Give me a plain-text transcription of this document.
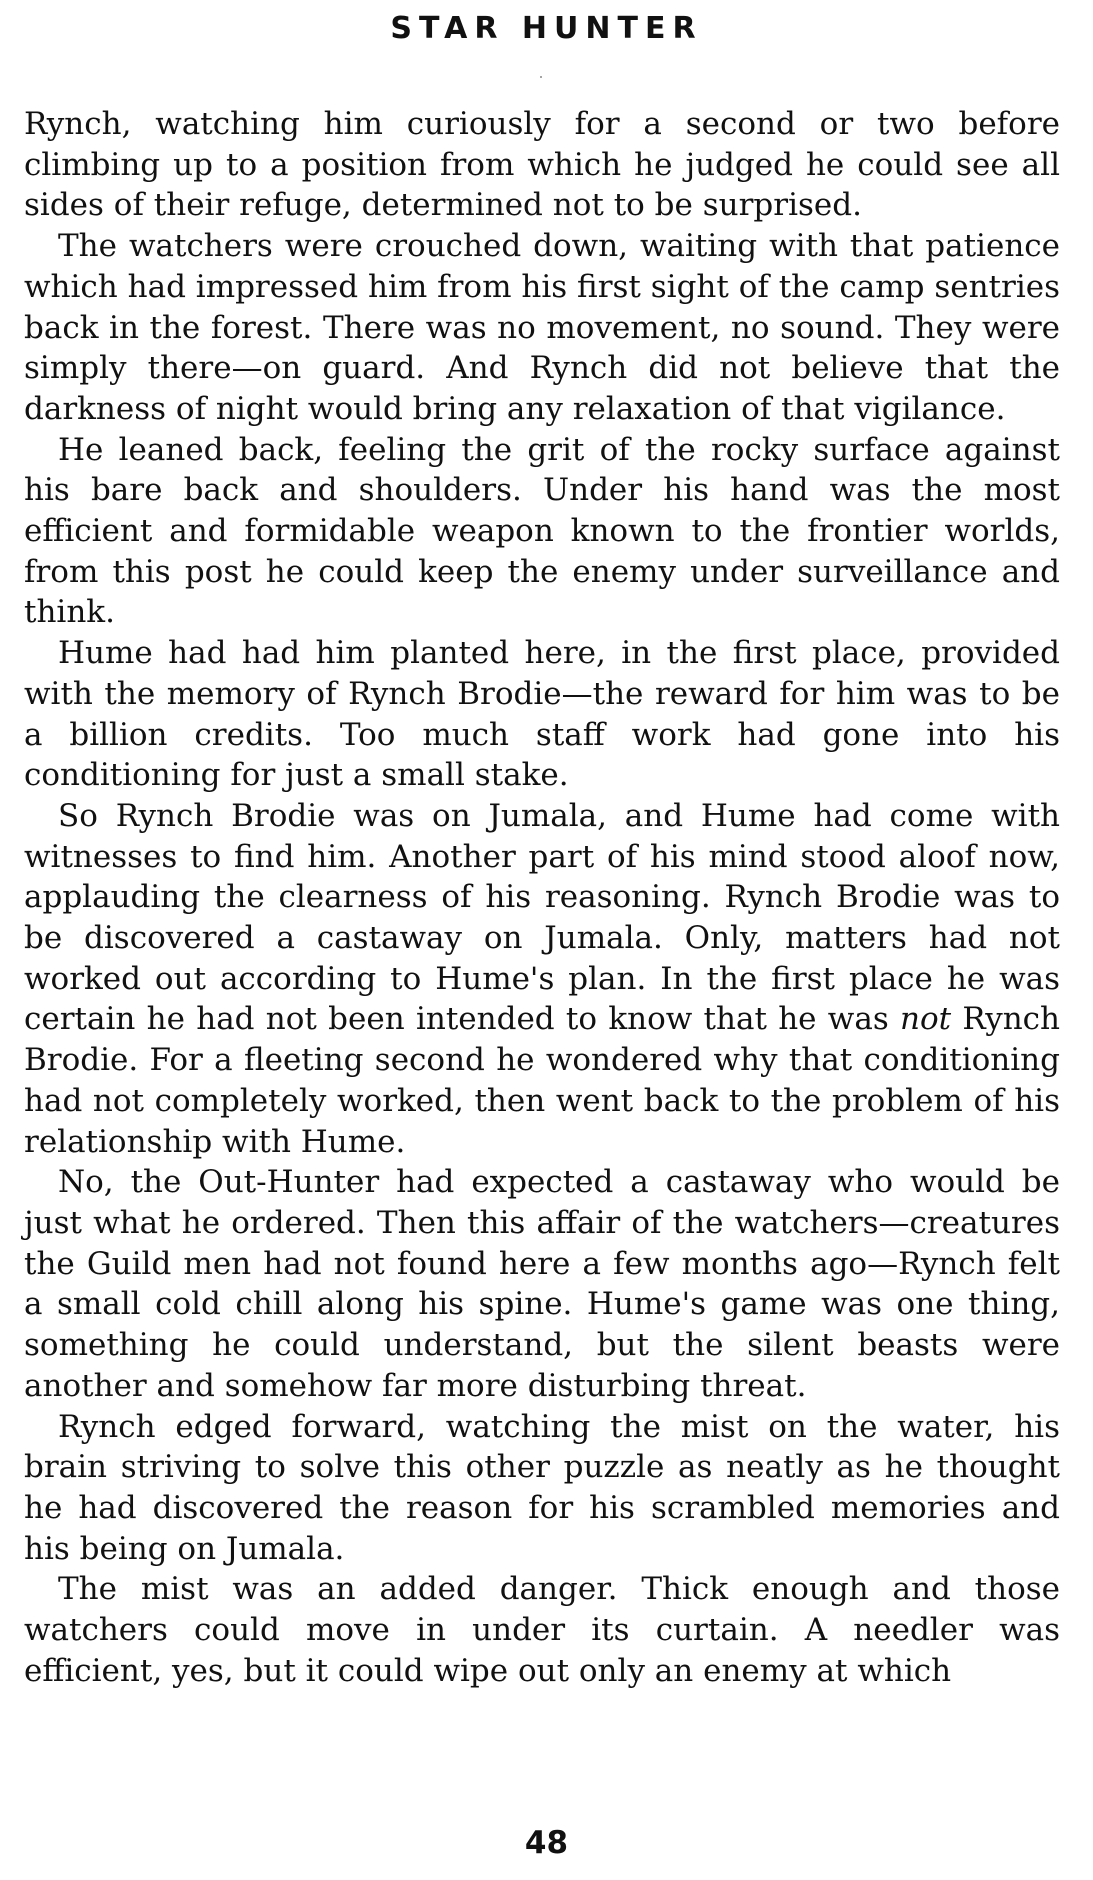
STAR HUNTER

Rynch, watching him curiously for a second or two before climbing up to a position from which he judged he could see all sides of their refuge, determined not to be surprised.

The watchers were crouched down, waiting with that patience which had impressed him from his first sight of the camp sentries back in the forest. There was no movement, no sound. They were simply there—on guard. And Rynch did not believe that the darkness of night would bring any relaxation of that vigilance.

He leaned back, feeling the grit of the rocky surface against his bare back and shoulders. Under his hand was the most efficient and formidable weapon known to the frontier worlds, from this post he could keep the enemy under surveillance and think.

Hume had had him planted here, in the first place, provided with the memory of Rynch Brodie—the reward for him was to be a billion credits. Too much staff work had gone into his conditioning for just a small stake.

So Rynch Brodie was on Jumala, and Hume had come with witnesses to find him. Another part of his mind stood aloof now, applauding the clearness of his reasoning. Rynch Brodie was to be discovered a castaway on Jumala. Only, matters had not worked out according to Hume's plan. In the first place he was certain he had not been intended to know that he was not Rynch Brodie. For a fleeting second he wondered why that conditioning had not completely worked, then went back to the problem of his relationship with Hume.

No, the Out-Hunter had expected a castaway who would be just what he ordered. Then this affair of the watchers—creatures the Guild men had not found here a few months ago—Rynch felt a small cold chill along his spine. Hume's game was one thing, something he could understand, but the silent beasts were another and somehow far more disturbing threat.

Rynch edged forward, watching the mist on the water, his brain striving to solve this other puzzle as neatly as he thought he had discovered the reason for his scrambled memories and his being on Jumala.

The mist was an added danger. Thick enough and those watchers could move in under its curtain. A needler was efficient, yes, but it could wipe out only an enemy at which

48
